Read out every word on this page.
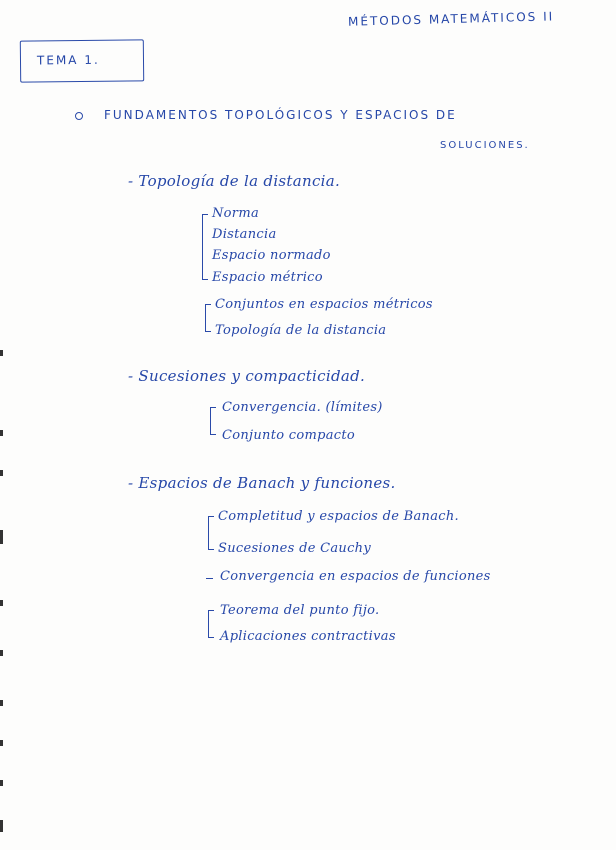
MÉTODOS MATEMÁTICOS II
TEMA 1.
FUNDAMENTOS TOPOLÓGICOS Y ESPACIOS DE
SOLUCIONES.
- Topología de la distancia.
Norma
Distancia
Espacio normado
Espacio métrico
Conjuntos en espacios métricos
Topología de la distancia
- Sucesiones y compacticidad.
Convergencia. (límites)
Conjunto compacto
- Espacios de Banach y funciones.
Completitud y espacios de Banach.
Sucesiones de Cauchy
Convergencia en espacios de funciones
Teorema del punto fijo.
Aplicaciones contractivas
